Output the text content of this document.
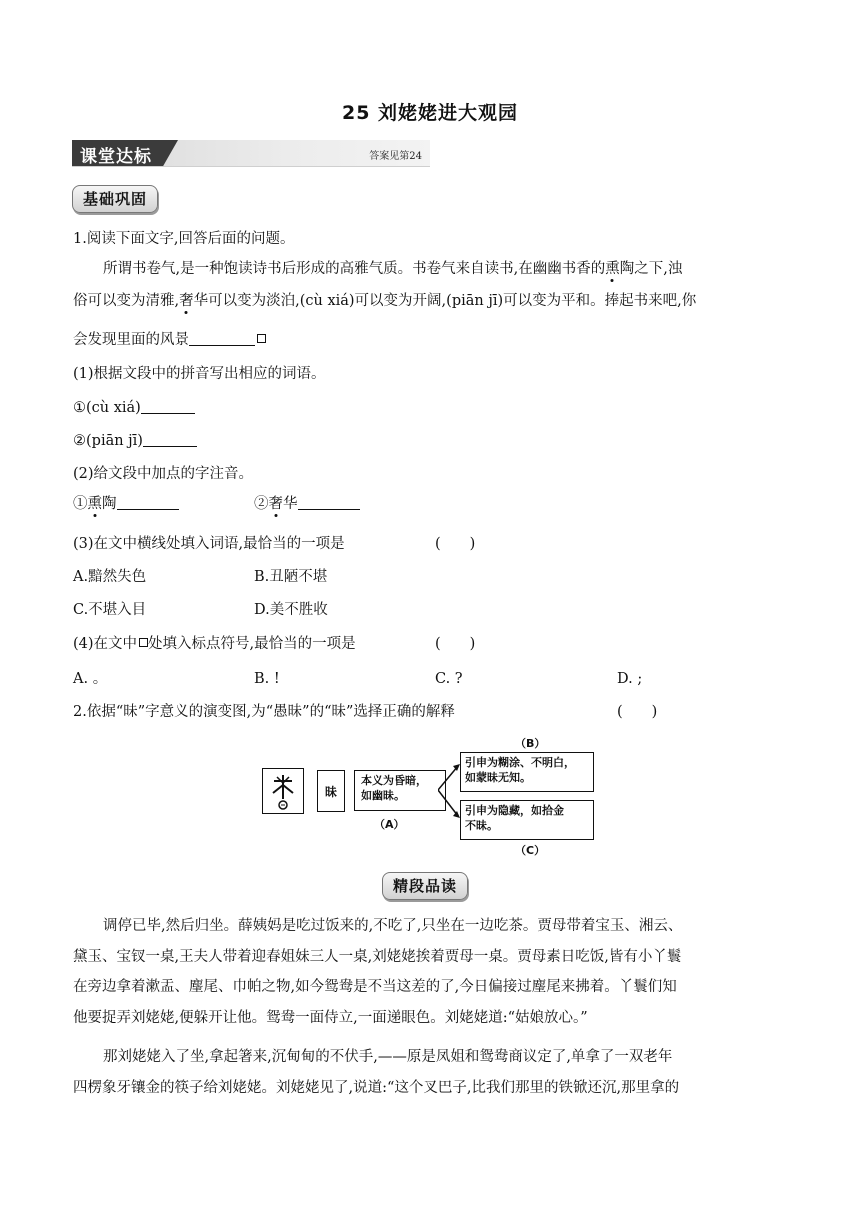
25 刘姥姥进大观园
课堂达标	答案见第24
基础巩固
1.阅读下面文字,回答后面的问题。
所谓书卷气,是一种饱读诗书后形成的高雅气质。书卷气来自读书,在幽幽书香的熏陶之下,浊
俗可以变为清雅,奢华可以变为淡泊,(cù xiá)可以变为开阔,(piān jī)可以变为平和。捧起书来吧,你
会发现里面的风景
(1)根据文段中的拼音写出相应的词语。
①(cù xiá)
②(piān jī)
(2)给文段中加点的字注音。
①熏陶	②奢华
(3)在文中横线处填入词语,最恰当的一项是	(　　)
A.黯然失色	B.丑陋不堪
C.不堪入目	D.美不胜收
(4)在文中 处填入标点符号,最恰当的一项是	(　　)
A. 。	B. !	C. ?	D. ;
2.依据“昧”字意义的演变图,为“愚昧”的“昧”选择正确的解释	(　　)
昧
本义为昏暗，
如幽昧。
（A）
（B）
引申为糊涂、不明白，
如蒙昧无知。
引申为隐藏，如拾金
不昧。
（C）
精段品读
调停已毕,然后归坐。薛姨妈是吃过饭来的,不吃了,只坐在一边吃茶。贾母带着宝玉、湘云、
黛玉、宝钗一桌,王夫人带着迎春姐妹三人一桌,刘姥姥挨着贾母一桌。贾母素日吃饭,皆有小丫鬟
在旁边拿着漱盂、麈尾、巾帕之物,如今鸳鸯是不当这差的了,今日偏接过麈尾来拂着。丫鬟们知
他要捉弄刘姥姥,便躲开让他。鸳鸯一面侍立,一面递眼色。刘姥姥道:“姑娘放心。”
那刘姥姥入了坐,拿起箸来,沉甸甸的不伏手,——原是凤姐和鸳鸯商议定了,单拿了一双老年
四楞象牙镶金的筷子给刘姥姥。刘姥姥见了,说道:“这个叉巴子,比我们那里的铁锨还沉,那里拿的
